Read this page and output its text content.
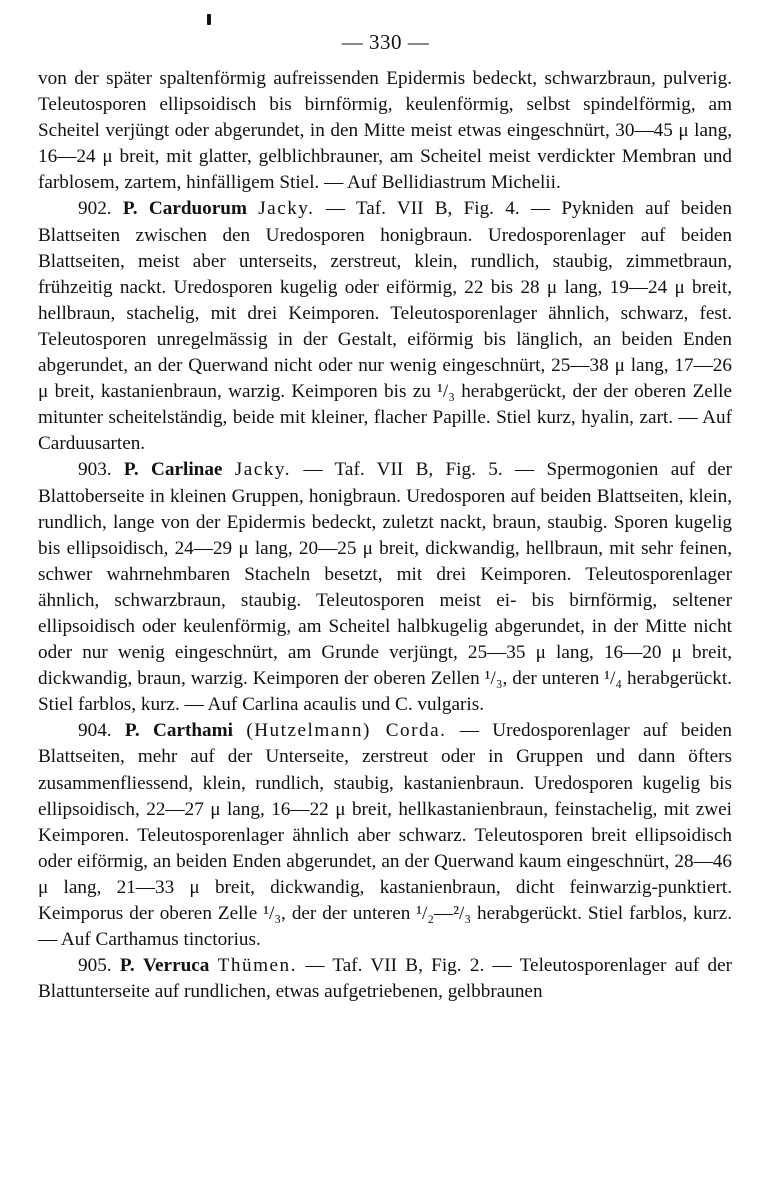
— 330 —

von der später spaltenförmig aufreissenden Epidermis bedeckt, schwarzbraun, pulverig. Teleutosporen ellipsoidisch bis birnförmig, keulenförmig, selbst spindelförmig, am Scheitel verjüngt oder abgerundet, in den Mitte meist etwas eingeschnürt, 30—45 μ lang, 16—24 μ breit, mit glatter, gelblichbrauner, am Scheitel meist verdickter Membran und farblosem, zartem, hinfälligem Stiel. — Auf Bellidiastrum Michelii.

902. P. Carduorum Jacky. — Taf. VII B, Fig. 4. — Pykniden auf beiden Blattseiten zwischen den Uredosporen honigbraun. Uredosporenlager auf beiden Blattseiten, meist aber unterseits, zerstreut, klein, rundlich, staubig, zimmetbraun, frühzeitig nackt. Uredosporen kugelig oder eiförmig, 22 bis 28 μ lang, 19—24 μ breit, hellbraun, stachelig, mit drei Keimporen. Teleutosporenlager ähnlich, schwarz, fest. Teleutosporen unregelmässig in der Gestalt, eiförmig bis länglich, an beiden Enden abgerundet, an der Querwand nicht oder nur wenig eingeschnürt, 25—38 μ lang, 17—26 μ breit, kastanienbraun, warzig. Keimporen bis zu ¹/₃ herabgerückt, der der oberen Zelle mitunter scheitelständig, beide mit kleiner, flacher Papille. Stiel kurz, hyalin, zart. — Auf Carduusarten.

903. P. Carlinae Jacky. — Taf. VII B, Fig. 5. — Spermogonien auf der Blattoberseite in kleinen Gruppen, honigbraun. Uredosporen auf beiden Blattseiten, klein, rundlich, lange von der Epidermis bedeckt, zuletzt nackt, braun, staubig. Sporen kugelig bis ellipsoidisch, 24—29 μ lang, 20—25 μ breit, dickwandig, hellbraun, mit sehr feinen, schwer wahrnehmbaren Stacheln besetzt, mit drei Keimporen. Teleutosporenlager ähnlich, schwarzbraun, staubig. Teleutosporen meist ei- bis birnförmig, seltener ellipsoidisch oder keulenförmig, am Scheitel halbkugelig abgerundet, in der Mitte nicht oder nur wenig eingeschnürt, am Grunde verjüngt, 25—35 μ lang, 16—20 μ breit, dickwandig, braun, warzig. Keimporen der oberen Zellen ¹/₃, der unteren ¹/₄ herabgerückt. Stiel farblos, kurz. — Auf Carlina acaulis und C. vulgaris.

904. P. Carthami (Hutzelmann) Corda. — Uredosporenlager auf beiden Blattseiten, mehr auf der Unterseite, zerstreut oder in Gruppen und dann öfters zusammenfliessend, klein, rundlich, staubig, kastanienbraun. Uredosporen kugelig bis ellipsoidisch, 22—27 μ lang, 16—22 μ breit, hellkastanienbraun, feinstachelig, mit zwei Keimporen. Teleutosporenlager ähnlich aber schwarz. Teleutosporen breit ellipsoidisch oder eiförmig, an beiden Enden abgerundet, an der Querwand kaum eingeschnürt, 28—46 μ lang, 21—33 μ breit, dickwandig, kastanienbraun, dicht feinwarzig-punktiert. Keimporus der oberen Zelle ¹/₃, der der unteren ¹/₂—²/₃ herabgerückt. Stiel farblos, kurz. — Auf Carthamus tinctorius.

905. P. Verruca Thümen. — Taf. VII B, Fig. 2. — Teleutosporenlager auf der Blattunterseite auf rundlichen, etwas aufgetriebenen, gelbbraunen
